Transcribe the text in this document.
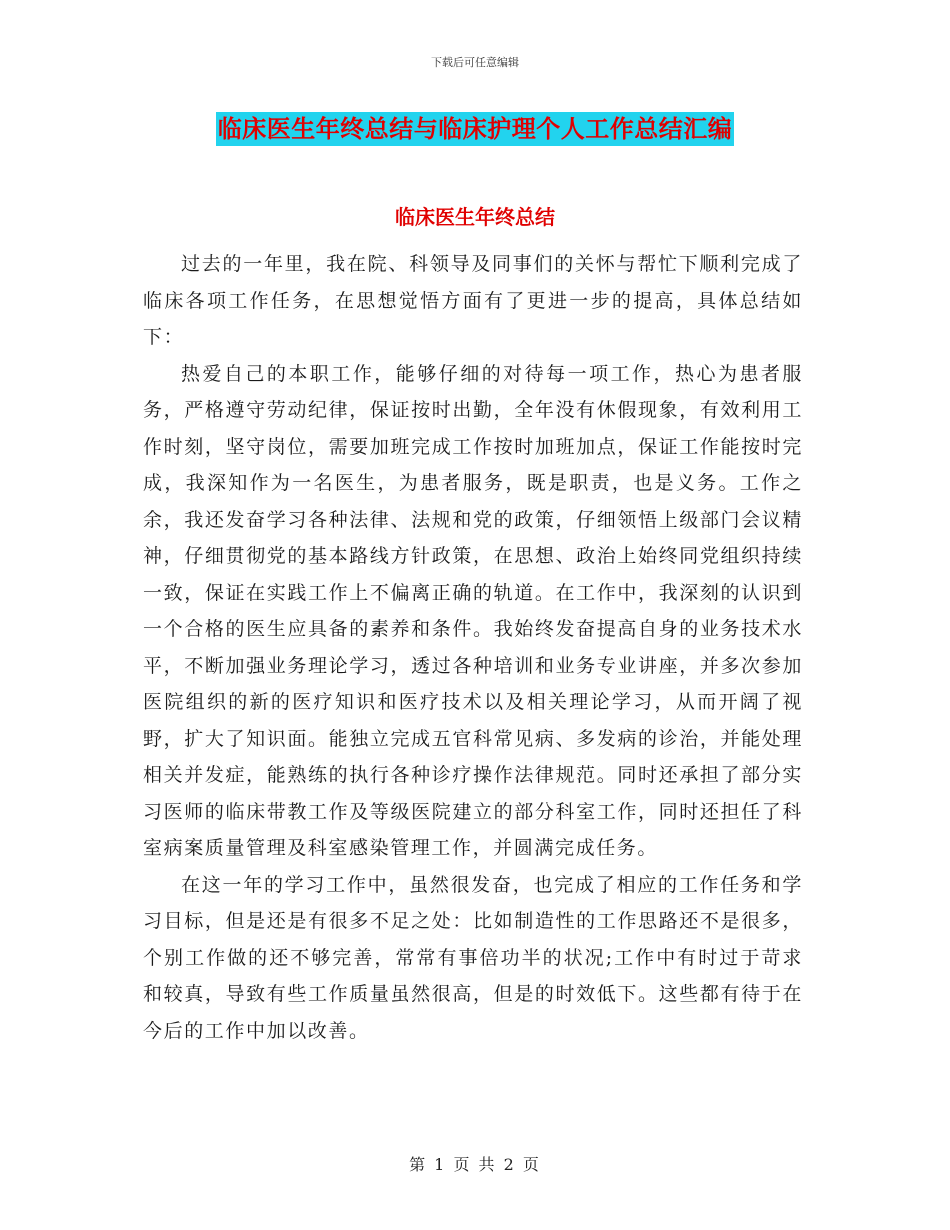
下载后可任意编辑
临床医生年终总结与临床护理个人工作总结汇编
临床医生年终总结

过去的一年里，我在院、科领导及同事们的关怀与帮忙下顺利完成了临床各项工作任务，在思想觉悟方面有了更进一步的提高，具体总结如下：

热爱自己的本职工作，能够仔细的对待每一项工作，热心为患者服务，严格遵守劳动纪律，保证按时出勤，全年没有休假现象，有效利用工作时刻，坚守岗位，需要加班完成工作按时加班加点，保证工作能按时完成，我深知作为一名医生，为患者服务，既是职责，也是义务。工作之余，我还发奋学习各种法律、法规和党的政策，仔细领悟上级部门会议精神，仔细贯彻党的基本路线方针政策，在思想、政治上始终同党组织持续一致，保证在实践工作上不偏离正确的轨道。在工作中，我深刻的认识到一个合格的医生应具备的素养和条件。我始终发奋提高自身的业务技术水平，不断加强业务理论学习，透过各种培训和业务专业讲座，并多次参加医院组织的新的医疗知识和医疗技术以及相关理论学习，从而开阔了视野，扩大了知识面。能独立完成五官科常见病、多发病的诊治，并能处理相关并发症，能熟练的执行各种诊疗操作法律规范。同时还承担了部分实习医师的临床带教工作及等级医院建立的部分科室工作，同时还担任了科室病案质量管理及科室感染管理工作，并圆满完成任务。

在这一年的学习工作中，虽然很发奋，也完成了相应的工作任务和学习目标，但是还是有很多不足之处：比如制造性的工作思路还不是很多，个别工作做的还不够完善，常常有事倍功半的状况;工作中有时过于苛求和较真，导致有些工作质量虽然很高，但是的时效低下。这些都有待于在今后的工作中加以改善。

第 1 页 共 2 页
